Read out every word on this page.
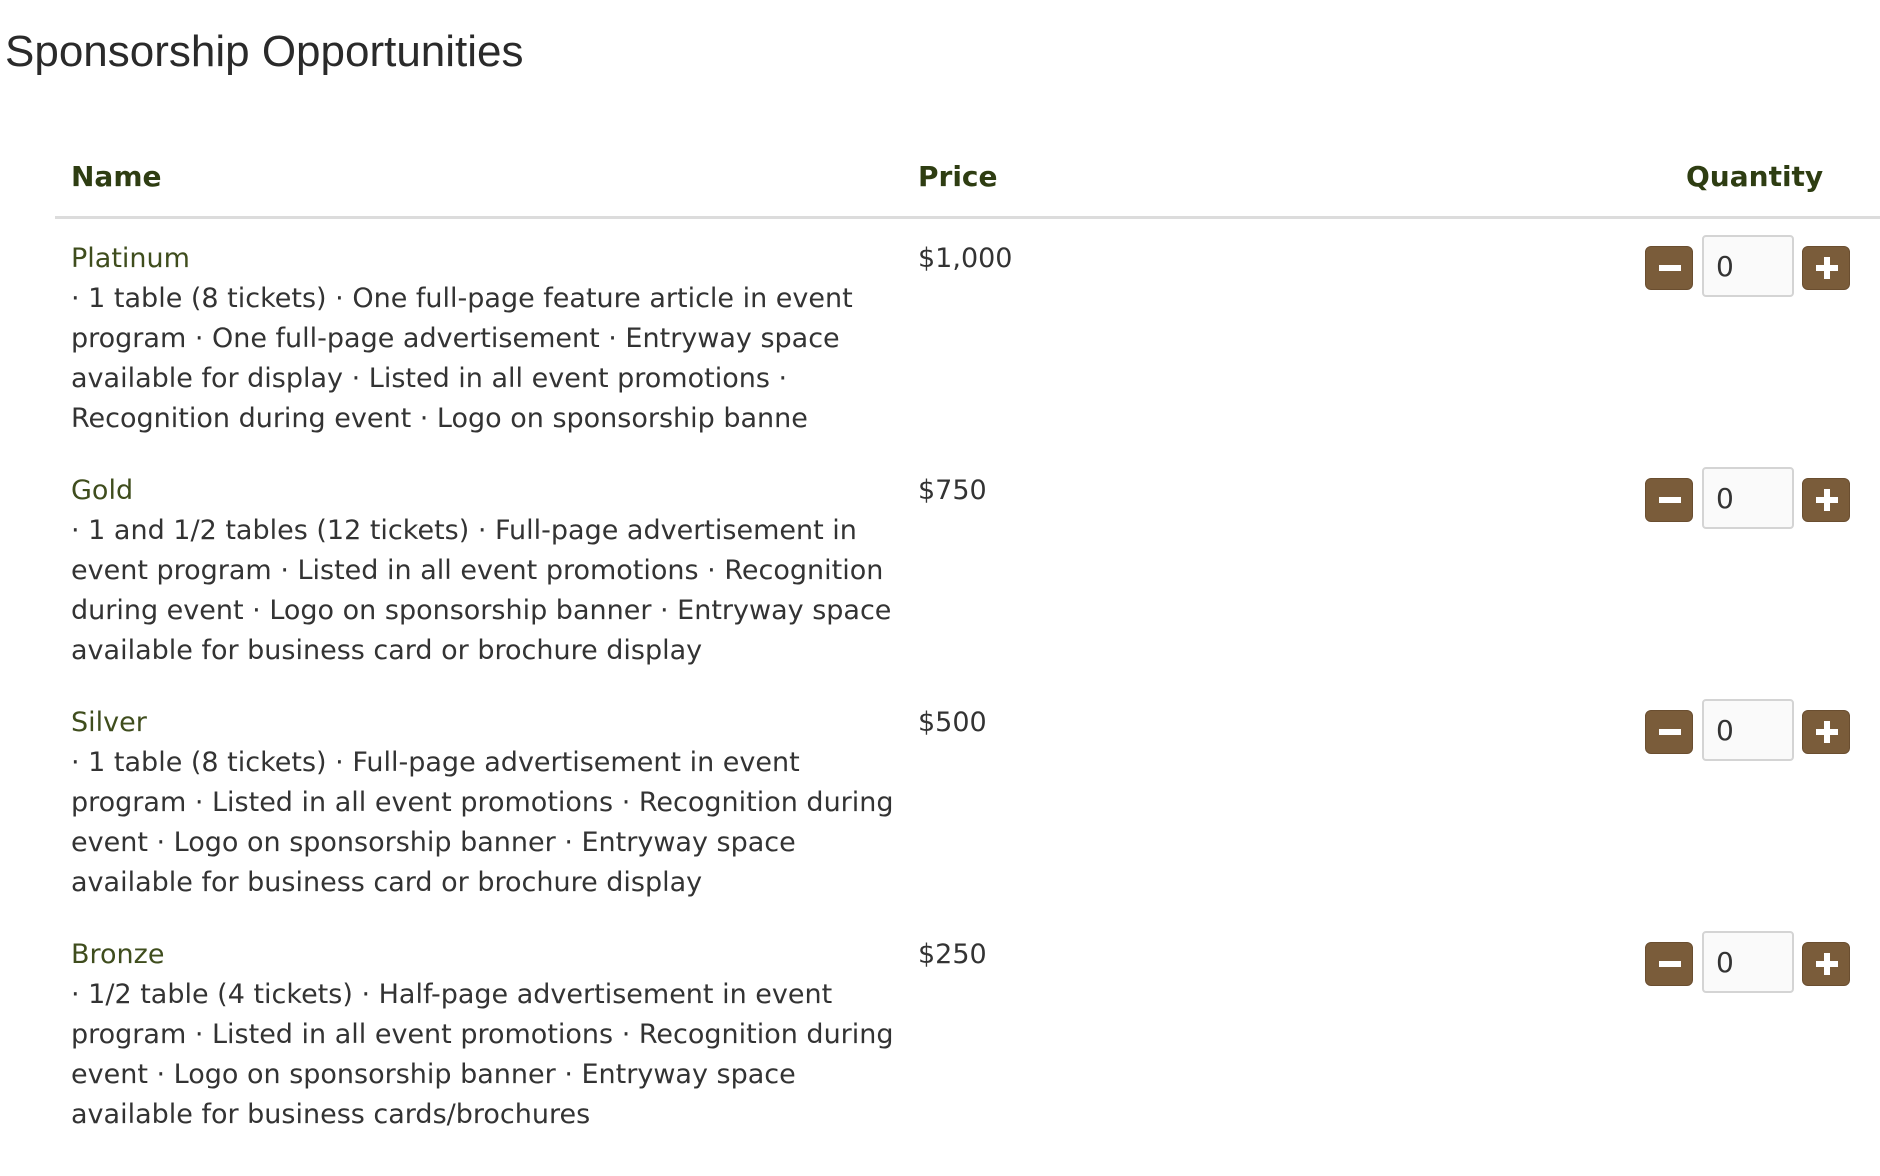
Sponsorship Opportunities
Name	Price	Quantity
Platinum
· 1 table (8 tickets) · One full-page feature article in event program · One full-page advertisement · Entryway space available for display · Listed in all event promotions · Recognition during event · Logo on sponsorship banne
$1,000
0
Gold
· 1 and 1/2 tables (12 tickets) · Full-page advertisement in event program · Listed in all event promotions · Recognition during event · Logo on sponsorship banner · Entryway space available for business card or brochure display
$750
0
Silver
· 1 table (8 tickets) · Full-page advertisement in event program · Listed in all event promotions · Recognition during event · Logo on sponsorship banner · Entryway space available for business card or brochure display
$500
0
Bronze
· 1/2 table (4 tickets) · Half-page advertisement in event program · Listed in all event promotions · Recognition during event · Logo on sponsorship banner · Entryway space available for business cards/brochures
$250
0
